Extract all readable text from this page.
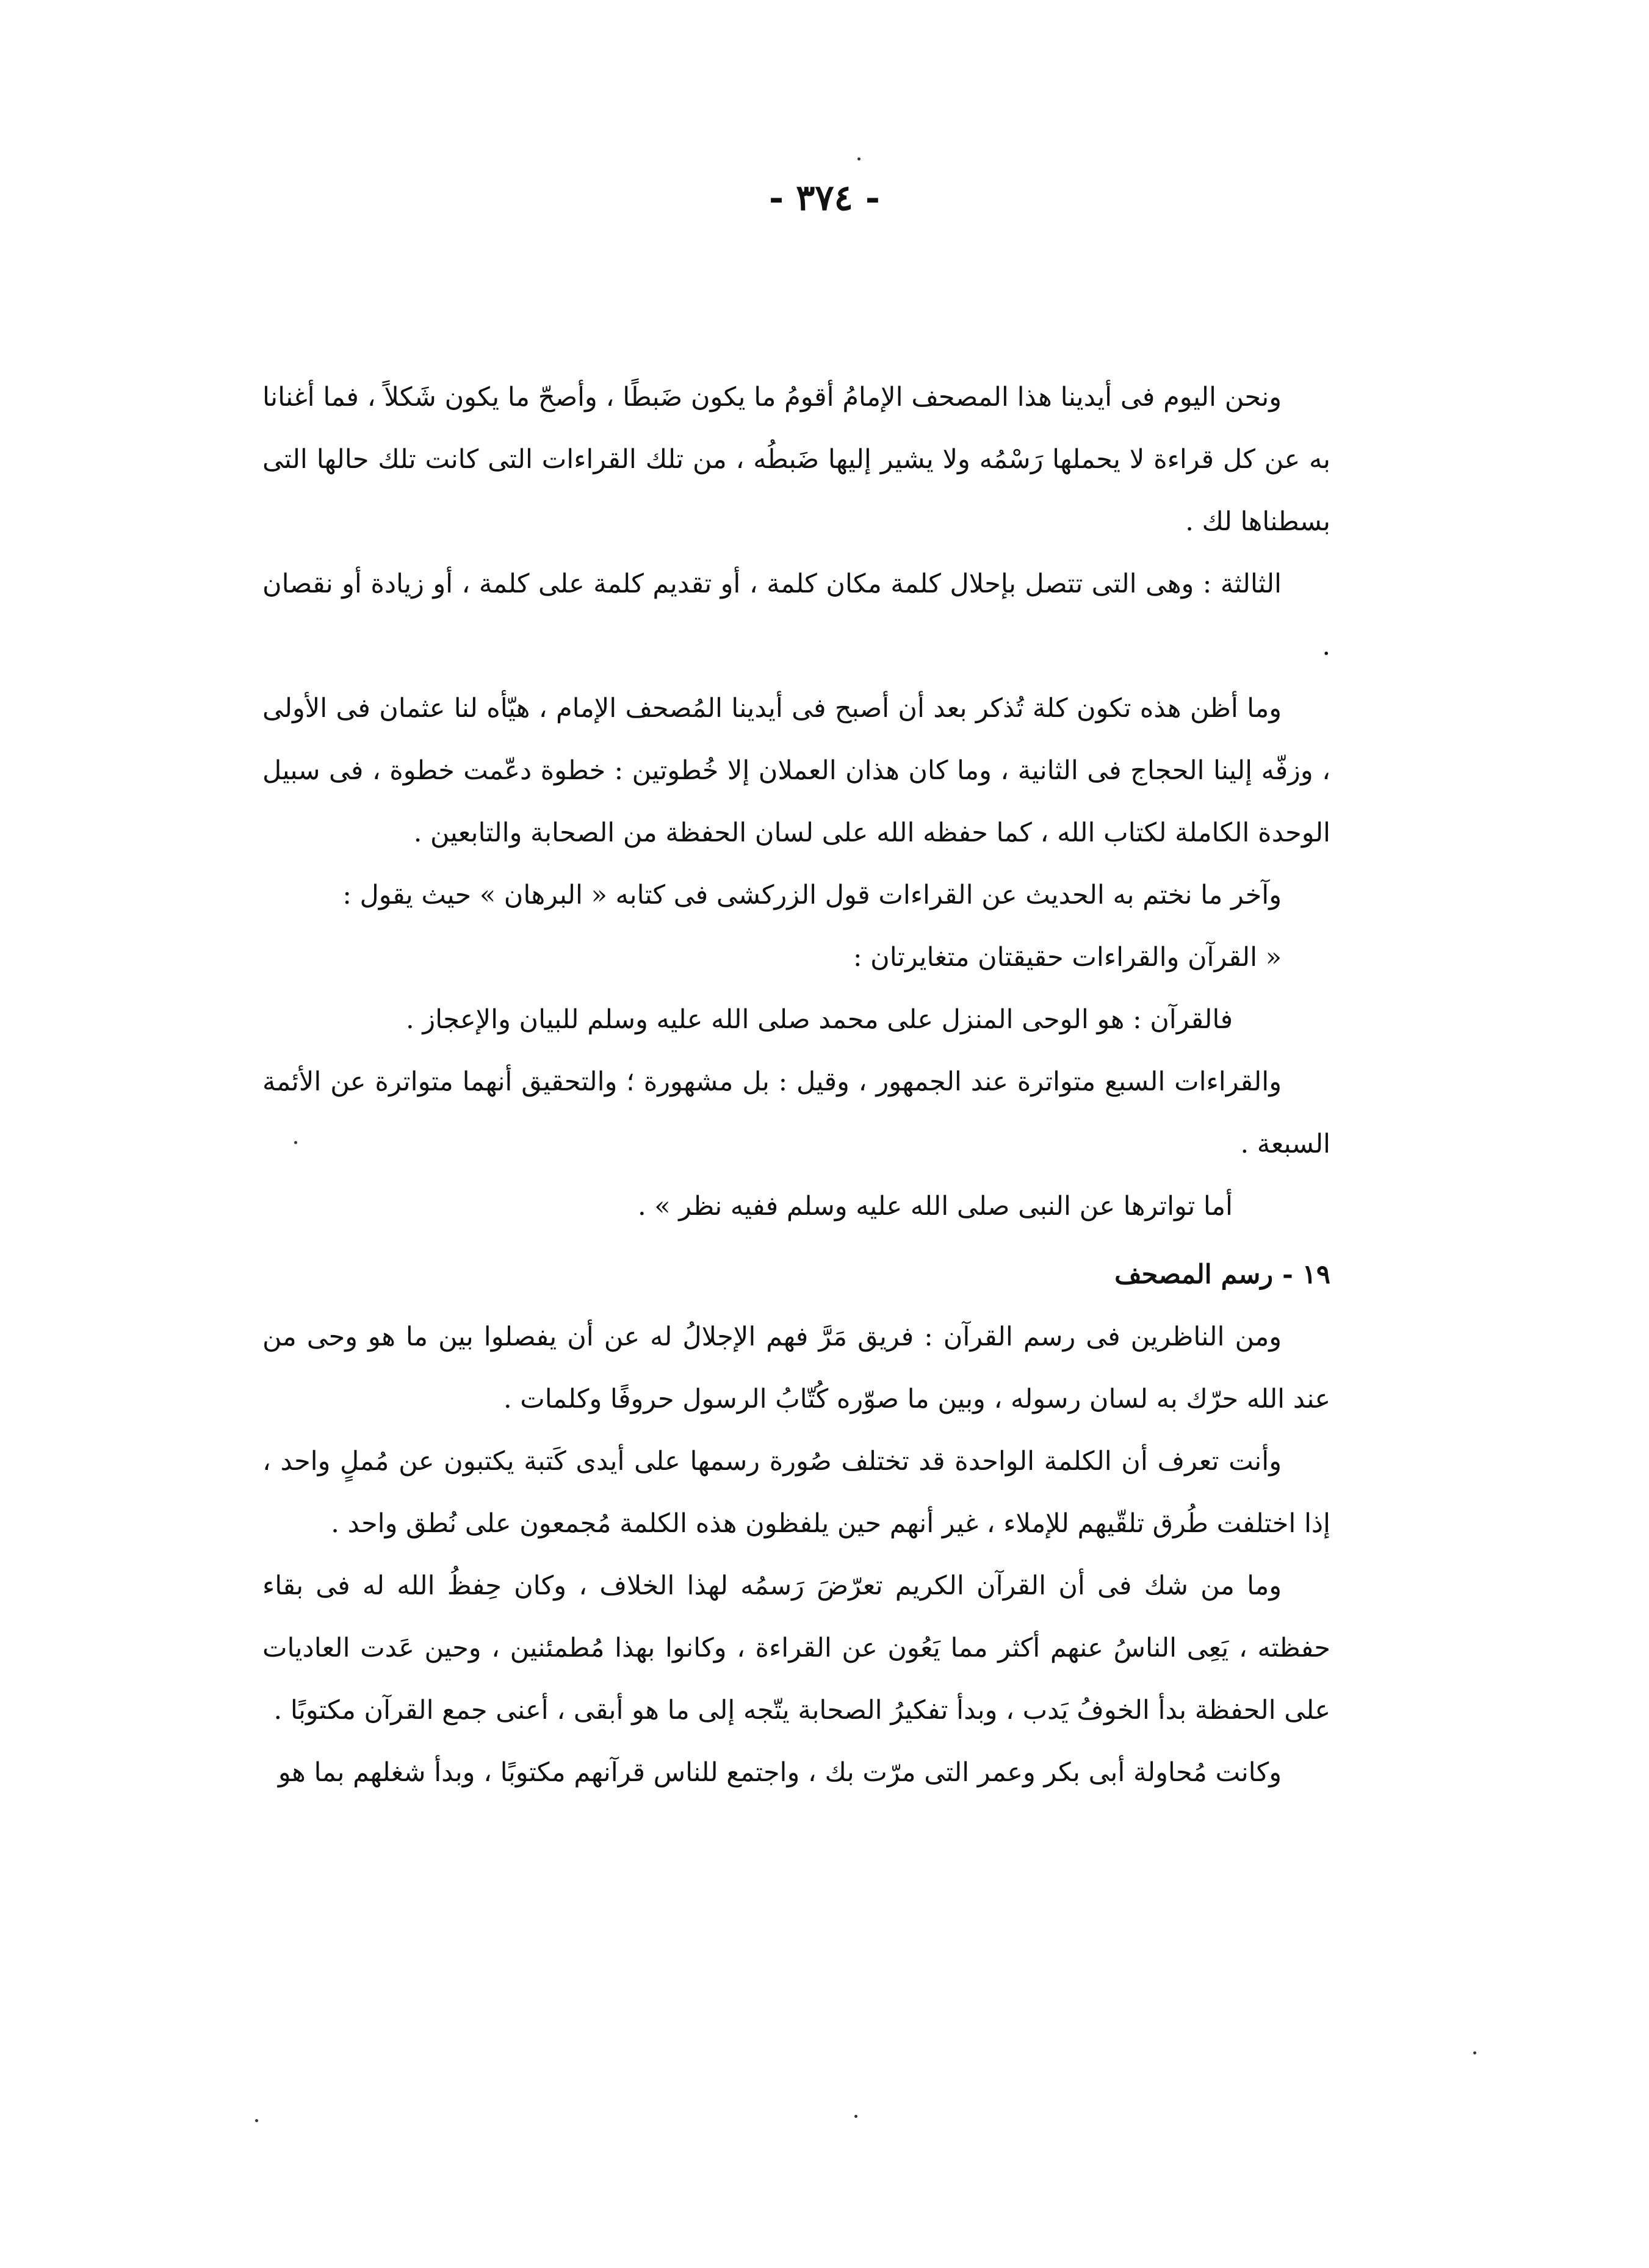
- ٣٧٤ -

ونحن اليوم فى أيدينا هذا المصحف الإمامُ أقومُ ما يكون ضَبطًا ، وأصحّ ما يكون شَكلاً ، فما أغنانا به عن كل قراءة لا يحملها رَسْمُه ولا يشير إليها ضَبطُه ، من تلك القراءات التى كانت تلك حالها التى بسطناها لك .

الثالثة : وهى التى تتصل بإحلال كلمة مكان كلمة ، أو تقديم كلمة على كلمة ، أو زيادة أو نقصان .

وما أظن هذه تكون كلة تُذكر بعد أن أصبح فى أيدينا المُصحف الإمام ، هيّأه لنا عثمان فى الأولى ، وزفّه إلينا الحجاج فى الثانية ، وما كان هذان العملان إلا خُطوتين : خطوة دعّمت خطوة ، فى سبيل الوحدة الكاملة لكتاب الله ، كما حفظه الله على لسان الحفظة من الصحابة والتابعين .

وآخر ما نختم به الحديث عن القراءات قول الزركشى فى كتابه « البرهان » حيث يقول :

« القرآن والقراءات حقيقتان متغايرتان :

فالقرآن : هو الوحى المنزل على محمد صلى الله عليه وسلم للبيان والإعجاز .

والقراءات السبع متواترة عند الجمهور ، وقيل : بل مشهورة ؛ والتحقيق أنهما متواترة عن الأئمة السبعة .

أما تواترها عن النبى صلى الله عليه وسلم ففيه نظر » .

١٩ - رسم المصحف

ومن الناظرين فى رسم القرآن : فريق مَرَّ فهم الإجلالُ له عن أن يفصلوا بين ما هو وحى من عند الله حرّك به لسان رسوله ، وبين ما صوّره كُتّابُ الرسول حروفًا وكلمات .

وأنت تعرف أن الكلمة الواحدة قد تختلف صُورة رسمها على أيدى كَتبة يكتبون عن مُملٍ واحد ، إذا اختلفت طُرق تلقّيهم للإملاء ، غير أنهم حين يلفظون هذه الكلمة مُجمعون على نُطق واحد .

وما من شك فى أن القرآن الكريم تعرّضَ رَسمُه لهذا الخلاف ، وكان حِفظُ الله له فى بقاء حفظته ، يَعِى الناسُ عنهم أكثر مما يَعُون عن القراءة ، وكانوا بهذا مُطمئنين ، وحين عَدت العاديات على الحفظة بدأ الخوفُ يَدب ، وبدأ تفكيرُ الصحابة يتّجه إلى ما هو أبقى ، أعنى جمع القرآن مكتوبًا .

وكانت مُحاولة أبى بكر وعمر التى مرّت بك ، واجتمع للناس قرآنهم مكتوبًا ، وبدأ شغلهم بما هو
